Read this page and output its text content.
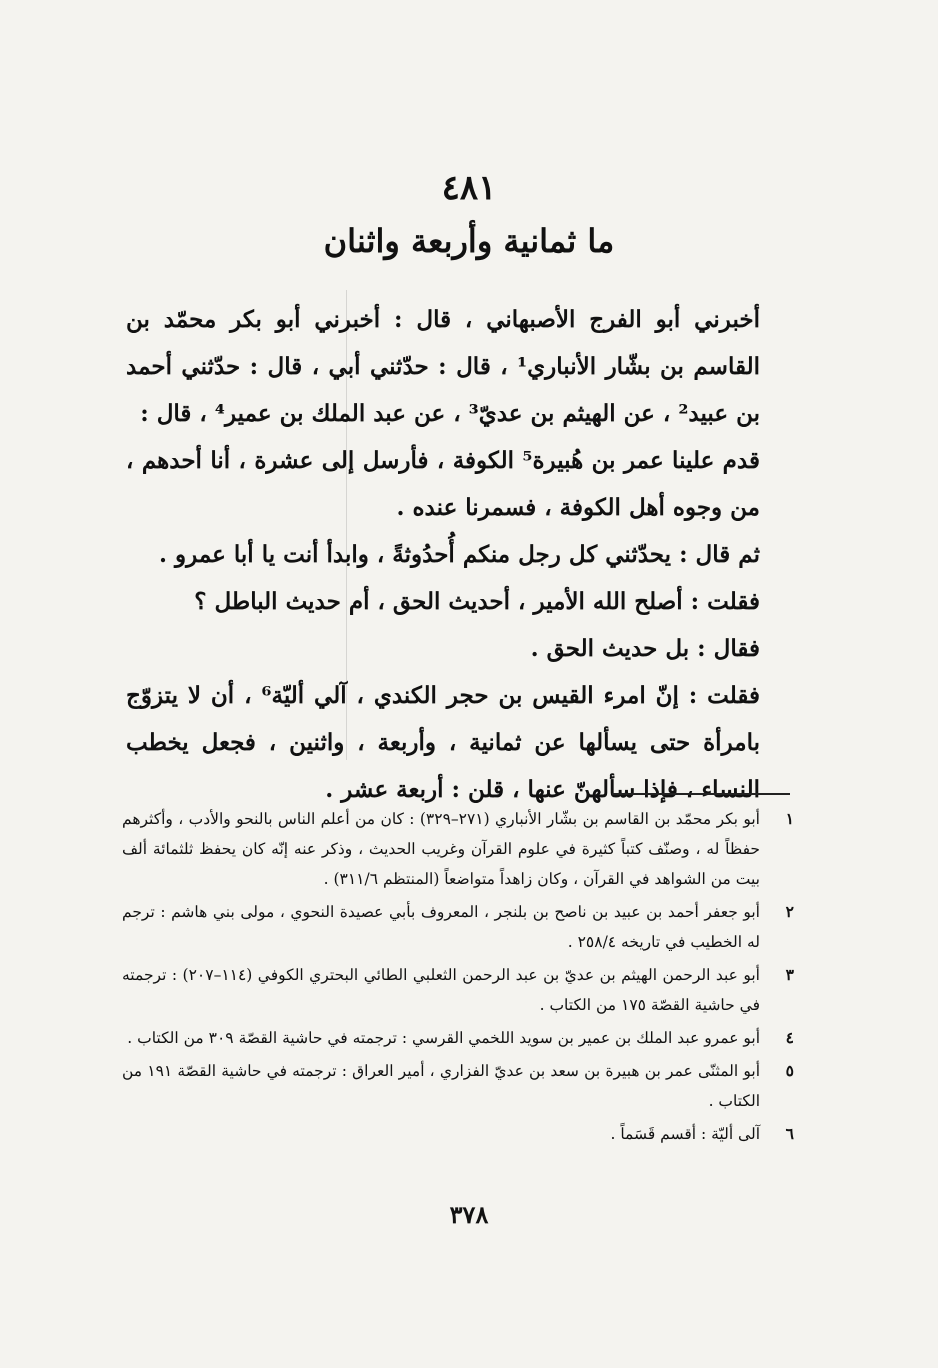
٤٨١
ما ثمانية وأربعة واثنان

أخبرني أبو الفرج الأصبهاني ، قال : أخبرني أبو بكر محمّد بن القاسم بن بشّار الأنباري¹ ، قال : حدّثني أبي ، قال : حدّثني أحمد بن عبيد² ، عن الهيثم بن عديّ³ ، عن عبد الملك بن عمير⁴ ، قال :

قدم علينا عمر بن هُبيرة⁵ الكوفة ، فأرسل إلى عشرة ، أنا أحدهم ، من وجوه أهل الكوفة ، فسمرنا عنده .

ثم قال : يحدّثني كل رجل منكم أُحدُوثةً ، وابدأ أنت يا أبا عمرو .

فقلت : أصلح الله الأمير ، أحديث الحق ، أم حديث الباطل ؟

فقال : بل حديث الحق .

فقلت : إنّ امرء القيس بن حجر الكندي ، آلي أليّة⁶ ، أن لا يتزوّج بامرأة حتى يسألها عن ثمانية ، وأربعة ، واثنين ، فجعل يخطب النساء ، فإذا سألهنّ عنها ، قلن : أربعة عشر .

١
أبو بكر محمّد بن القاسم بن بشّار الأنباري (٢٧١–٣٢٩) : كان من أعلم الناس بالنحو والأدب ، وأكثرهم حفظاً له ، وصنّف كتباً كثيرة في علوم القرآن وغريب الحديث ، وذكر عنه إنّه كان يحفظ ثلثمائة ألف بيت من الشواهد في القرآن ، وكان زاهداً متواضعاً (المنتظم ٣١١/٦) .
٢
أبو جعفر أحمد بن عبيد بن ناصح بن بلنجر ، المعروف بأبي عصيدة النحوي ، مولى بني هاشم : ترجم له الخطيب في تاريخه ٢٥٨/٤ .
٣
أبو عبد الرحمن الهيثم بن عديّ بن عبد الرحمن الثعلبي الطائي البحتري الكوفي (١١٤–٢٠٧) : ترجمته في حاشية القصّة ١٧٥ من الكتاب .
٤
أبو عمرو عبد الملك بن عمير بن سويد اللخمي القرسي : ترجمته في حاشية القصّة ٣٠٩ من الكتاب .
٥
أبو المثنّى عمر بن هبيرة بن سعد بن عديّ الفزاري ، أمير العراق : ترجمته في حاشية القصّة ١٩١ من الكتاب .
٦
آلى أليّة : أقسم قَسَماً .
٣٧٨
